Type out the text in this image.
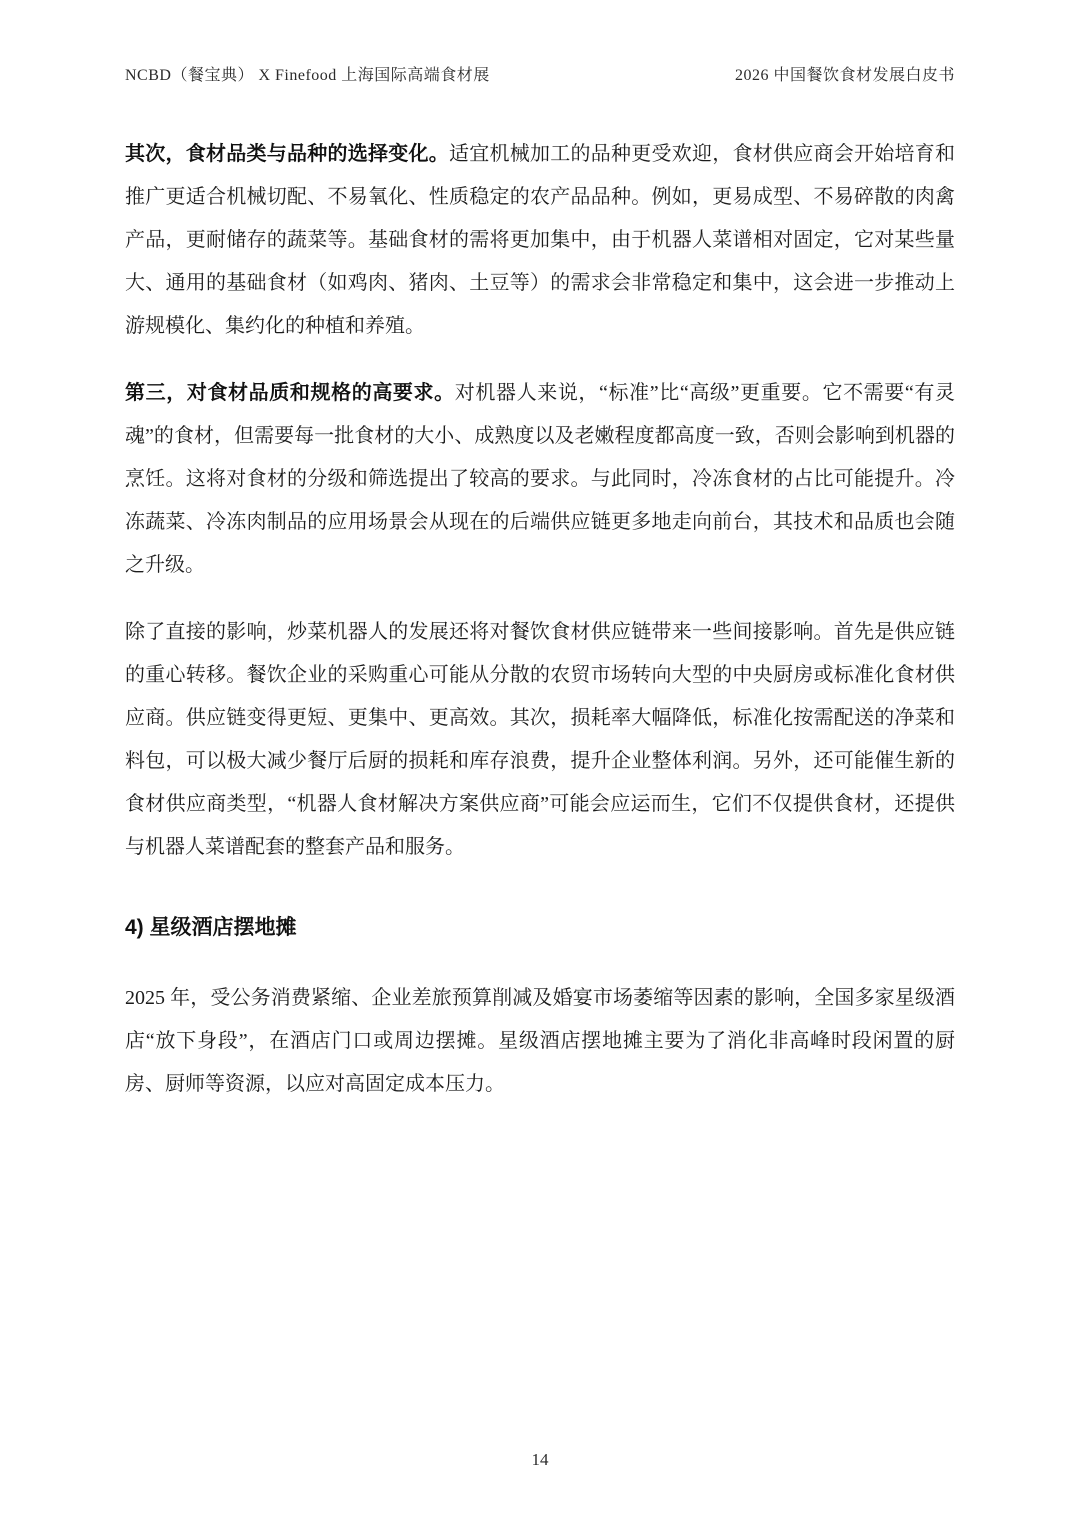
NCBD（餐宝典） X Finefood 上海国际高端食材展	2026 中国餐饮食材发展白皮书

其次，食材品类与品种的选择变化。适宜机械加工的品种更受欢迎，食材供应商会开始培育和推广更适合机械切配、不易氧化、性质稳定的农产品品种。例如，更易成型、不易碎散的肉禽产品，更耐储存的蔬菜等。基础食材的需将更加集中，由于机器人菜谱相对固定，它对某些量大、通用的基础食材（如鸡肉、猪肉、土豆等）的需求会非常稳定和集中，这会进一步推动上游规模化、集约化的种植和养殖。

第三，对食材品质和规格的高要求。对机器人来说，“标准”比“高级”更重要。它不需要“有灵魂”的食材，但需要每一批食材的大小、成熟度以及老嫩程度都高度一致，否则会影响到机器的烹饪。这将对食材的分级和筛选提出了较高的要求。与此同时，冷冻食材的占比可能提升。冷冻蔬菜、冷冻肉制品的应用场景会从现在的后端供应链更多地走向前台，其技术和品质也会随之升级。

除了直接的影响，炒菜机器人的发展还将对餐饮食材供应链带来一些间接影响。首先是供应链的重心转移。餐饮企业的采购重心可能从分散的农贸市场转向大型的中央厨房或标准化食材供应商。供应链变得更短、更集中、更高效。其次，损耗率大幅降低，标准化按需配送的净菜和料包，可以极大减少餐厅后厨的损耗和库存浪费，提升企业整体利润。另外，还可能催生新的食材供应商类型，“机器人食材解决方案供应商”可能会应运而生，它们不仅提供食材，还提供与机器人菜谱配套的整套产品和服务。

4) 星级酒店摆地摊

2025 年，受公务消费紧缩、企业差旅预算削减及婚宴市场萎缩等因素的影响，全国多家星级酒店“放下身段”，在酒店门口或周边摆摊。星级酒店摆地摊主要为了消化非高峰时段闲置的厨房、厨师等资源，以应对高固定成本压力。

14
